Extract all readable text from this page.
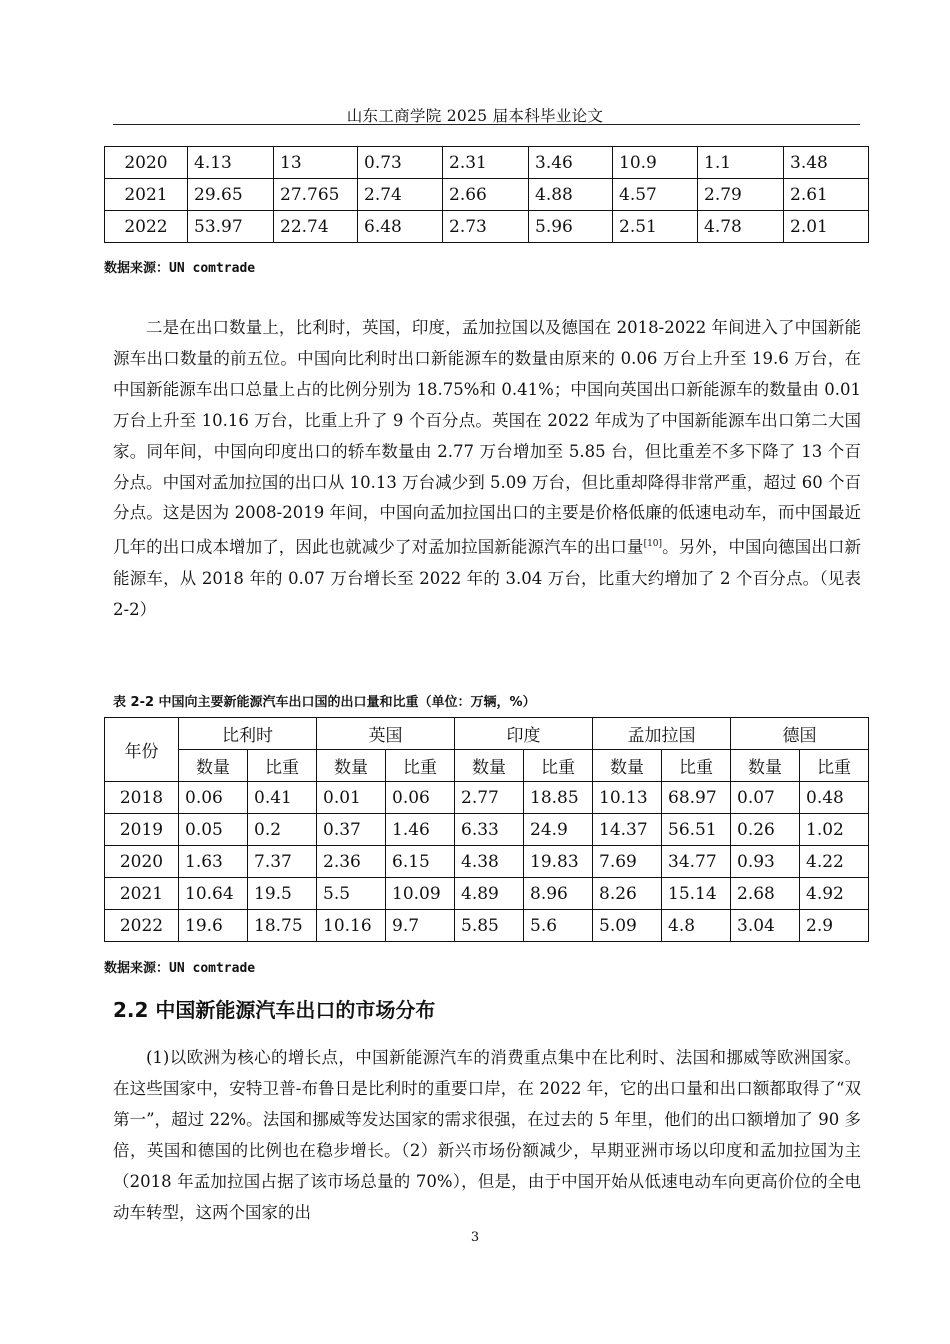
山东工商学院 2025 届本科毕业论文
2020	4.13	13	0.73	2.31	3.46	10.9	1.1	3.48
2021	29.65	27.765	2.74	2.66	4.88	4.57	2.79	2.61
2022	53.97	22.74	6.48	2.73	5.96	2.51	4.78	2.01
数据来源：UN comtrade

二是在出口数量上，比利时，英国，印度，孟加拉国以及德国在 2018-2022 年间进入了中国新能源车出口数量的前五位。中国向比利时出口新能源车的数量由原来的 0.06 万台上升至 19.6 万台，在中国新能源车出口总量上占的比例分别为 18.75%和 0.41%；中国向英国出口新能源车的数量由 0.01 万台上升至 10.16 万台，比重上升了 9 个百分点。英国在 2022 年成为了中国新能源车出口第二大国家。同年间，中国向印度出口的轿车数量由 2.77 万台增加至 5.85 台，但比重差不多下降了 13 个百分点。中国对孟加拉国的出口从 10.13 万台减少到 5.09 万台，但比重却降得非常严重，超过 60 个百分点。这是因为 2008-2019 年间，中国向孟加拉国出口的主要是价格低廉的低速电动车，而中国最近几年的出口成本增加了，因此也就减少了对孟加拉国新能源汽车的出口量[10]。另外，中国向德国出口新能源车，从 2018 年的 0.07 万台增长至 2022 年的 3.04 万台，比重大约增加了 2 个百分点。（见表 2-2）

表 2-2 中国向主要新能源汽车出口国的出口量和比重（单位：万辆，%）
年份	比利时		英国		印度		孟加拉国		德国	
	数量	比重	数量	比重	数量	比重	数量	比重	数量	比重
2018	0.06	0.41	0.01	0.06	2.77	18.85	10.13	68.97	0.07	0.48
2019	0.05	0.2	0.37	1.46	6.33	24.9	14.37	56.51	0.26	1.02
2020	1.63	7.37	2.36	6.15	4.38	19.83	7.69	34.77	0.93	4.22
2021	10.64	19.5	5.5	10.09	4.89	8.96	8.26	15.14	2.68	4.92
2022	19.6	18.75	10.16	9.7	5.85	5.6	5.09	4.8	3.04	2.9
数据来源：UN comtrade
2.2 中国新能源汽车出口的市场分布

(1)以欧洲为核心的增长点，中国新能源汽车的消费重点集中在比利时、法国和挪威等欧洲国家。在这些国家中，安特卫普-布鲁日是比利时的重要口岸，在 2022 年，它的出口量和出口额都取得了“双第一”，超过 22%。法国和挪威等发达国家的需求很强，在过去的 5 年里，他们的出口额增加了 90 多倍，英国和德国的比例也在稳步增长。（2）新兴市场份额减少，早期亚洲市场以印度和孟加拉国为主（2018 年孟加拉国占据了该市场总量的 70%），但是，由于中国开始从低速电动车向更高价位的全电动车转型，这两个国家的出

3
